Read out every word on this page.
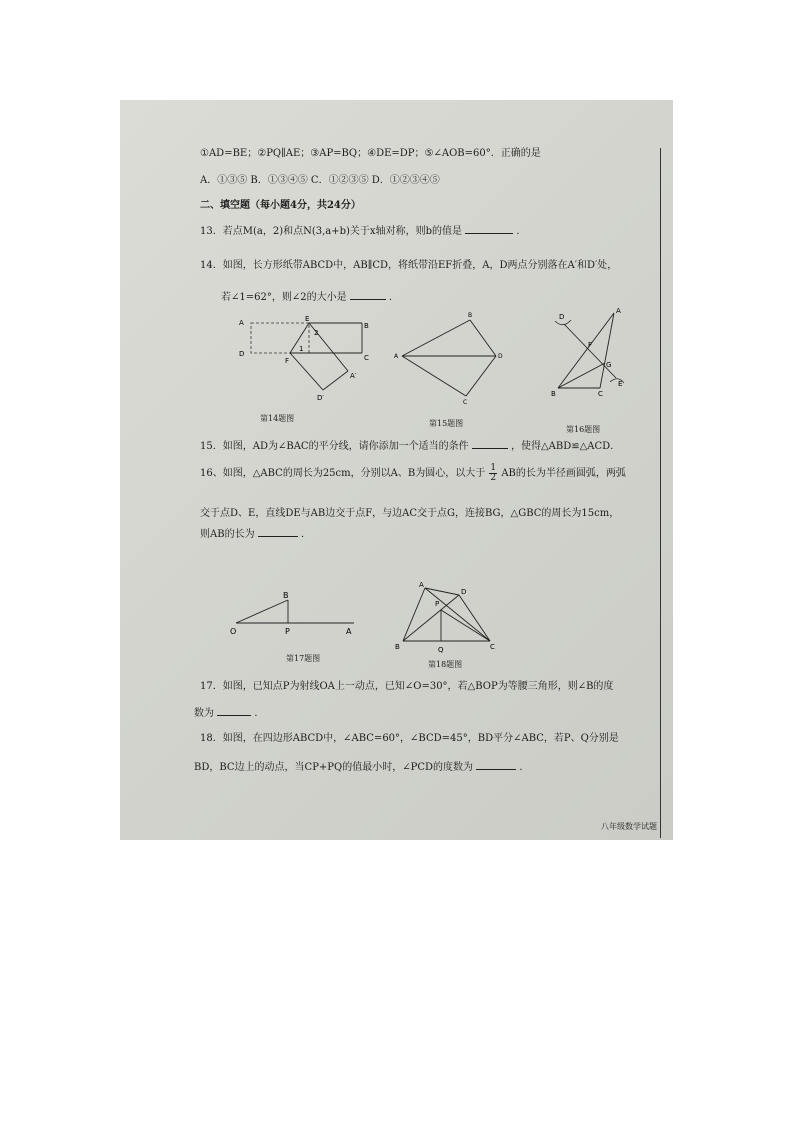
①AD=BE；②PQ∥AE；③AP=BQ；④DE=DP；⑤∠AOB=60°．正确的是
A．①③⑤ B．①③④⑤ C．①②③⑤ D．①②③④⑤
二、填空题（每小题4分，共24分）
13．若点M(a，2)和点N(3,a+b)关于x轴对称，则b的值是	．
14．如图，长方形纸带ABCD中，AB∥CD，将纸带沿EF折叠，A，D两点分别落在A′和D′处，
若∠1=62°，则∠2的大小是	．
A	E
B
D	C
F
1
2
A′
D′
A
B
C
D
A
D
F
G
E
B	C
第14题图
第15题图
第16题图
15．如图，AD为∠BAC的平分线，请你添加一个适当的条件	，使得△ABD≌△ACD．
16、如图，△ABC的周长为25cm，分别以A、B为圆心，以大于 $\frac{1}{2}$ AB的长为半径画圆弧，两弧
交于点D、E，直线DE与AB边交于点F，与边AC交于点G，连接BG，△GBC的周长为15cm，
则AB的长为	．
B
O	P	A
A
D
P
B	Q	C
第17题图
第18题图
17．如图，已知点P为射线OA上一动点，已知∠O=30°，若△BOP为等腰三角形，则∠B的度
数为	．
18．如图，在四边形ABCD中，∠ABC=60°，∠BCD=45°，BD平分∠ABC，若P、Q分别是
BD，BC边上的动点，当CP+PQ的值最小时，∠PCD的度数为	．
八年级数学试题
